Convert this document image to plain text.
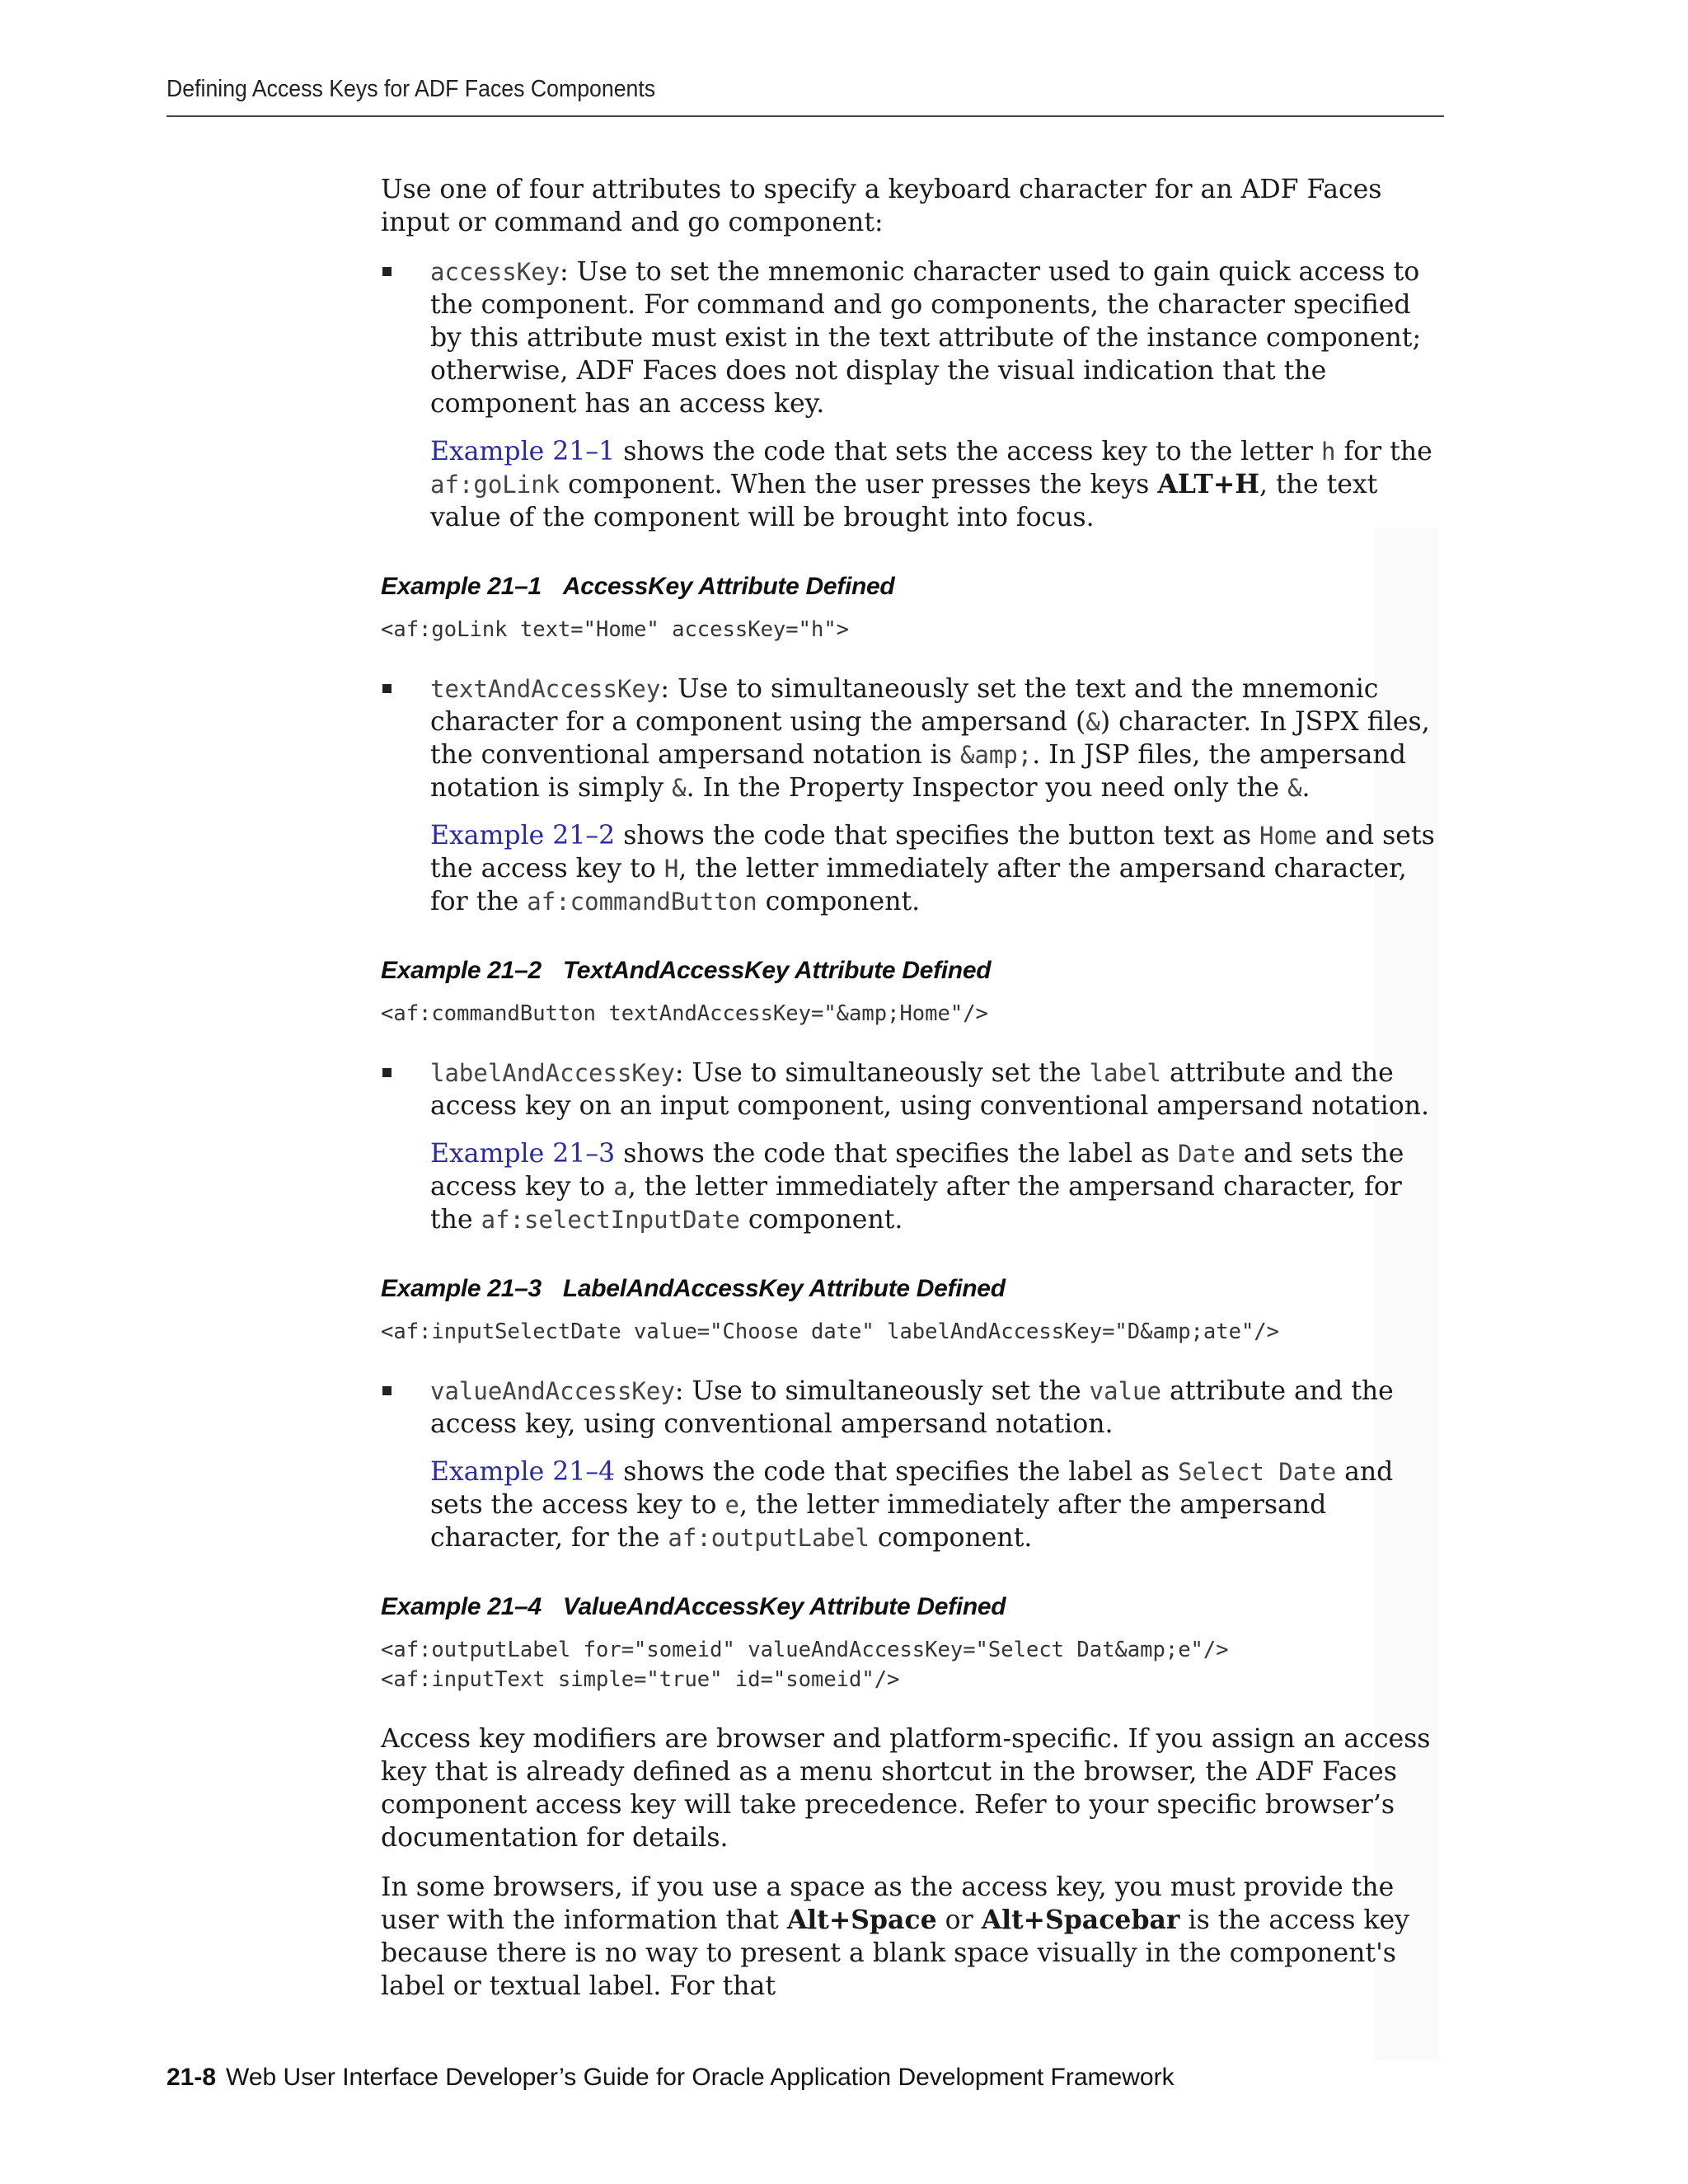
Defining Access Keys for ADF Faces Components

Use one of four attributes to specify a keyboard character for an ADF Faces input or command and go component:

accessKey: Use to set the mnemonic character used to gain quick access to the component. For command and go components, the character specified by this attribute must exist in the text attribute of the instance component; otherwise, ADF Faces does not display the visual indication that the component has an access key.

Example 21–1 shows the code that sets the access key to the letter h for the af:goLink component. When the user presses the keys ALT+H, the text value of the component will be brought into focus.

Example 21–1 AccessKey Attribute Defined
<af:goLink text="Home" accessKey="h">
textAndAccessKey: Use to simultaneously set the text and the mnemonic character for a component using the ampersand (&) character. In JSPX files, the conventional ampersand notation is &amp;. In JSP files, the ampersand notation is simply &. In the Property Inspector you need only the &.

Example 21–2 shows the code that specifies the button text as Home and sets the access key to H, the letter immediately after the ampersand character, for the af:commandButton component.

Example 21–2 TextAndAccessKey Attribute Defined
<af:commandButton textAndAccessKey="&amp;Home"/>
labelAndAccessKey: Use to simultaneously set the label attribute and the access key on an input component, using conventional ampersand notation.

Example 21–3 shows the code that specifies the label as Date and sets the access key to a, the letter immediately after the ampersand character, for the af:selectInputDate component.

Example 21–3 LabelAndAccessKey Attribute Defined
<af:inputSelectDate value="Choose date" labelAndAccessKey="D&amp;ate"/>
valueAndAccessKey: Use to simultaneously set the value attribute and the access key, using conventional ampersand notation.

Example 21–4 shows the code that specifies the label as Select Date and sets the access key to e, the letter immediately after the ampersand character, for the af:outputLabel component.

Example 21–4 ValueAndAccessKey Attribute Defined
<af:outputLabel for="someid" valueAndAccessKey="Select Dat&amp;e"/>
<af:inputText simple="true" id="someid"/>

Access key modifiers are browser and platform-specific. If you assign an access key that is already defined as a menu shortcut in the browser, the ADF Faces component access key will take precedence. Refer to your specific browser’s documentation for details.

In some browsers, if you use a space as the access key, you must provide the user with the information that Alt+Space or Alt+Spacebar is the access key because there is no way to present a blank space visually in the component's label or textual label. For that

21-8 Web User Interface Developer’s Guide for Oracle Application Development Framework
